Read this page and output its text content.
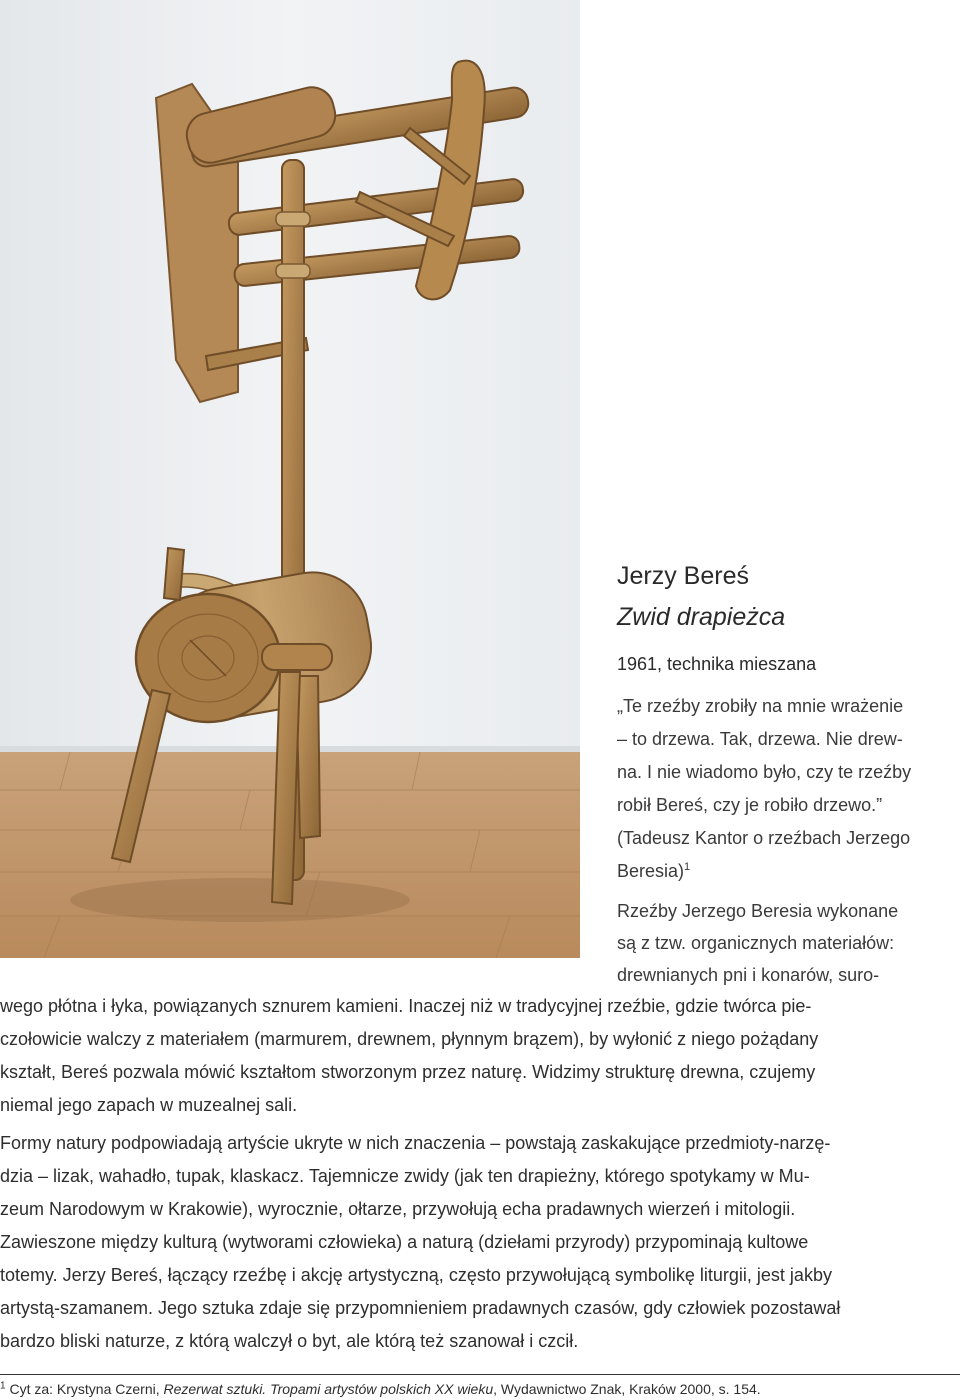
Jerzy Bereś
Zwid drapieżca
1961, technika mieszana
„Te rzeźby zrobiły na mnie wrażenie
– to drzewa. Tak, drzewa. Nie drew-
na. I nie wiadomo było, czy te rzeźby
robił Bereś, czy je robiło drzewo.”
(Tadeusz Kantor o rzeźbach Jerzego
Beresia)$^1$
Rzeźby Jerzego Beresia wykonane
są z tzw. organicznych materiałów:
drewnianych pni i konarów, suro-
wego płótna i łyka, powiązanych sznurem kamieni. Inaczej niż w tradycyjnej rzeźbie, gdzie twórca pie-
czołowicie walczy z materiałem (marmurem, drewnem, płynnym brązem), by wyłonić z niego pożądany
kształt, Bereś pozwala mówić kształtom stworzonym przez naturę. Widzimy strukturę drewna, czujemy
niemal jego zapach w muzealnej sali.
Formy natury podpowiadają artyście ukryte w nich znaczenia – powstają zaskakujące przedmioty-narzę-
dzia – lizak, wahadło, tupak, klaskacz. Tajemnicze zwidy (jak ten drapieżny, którego spotykamy w Mu-
zeum Narodowym w Krakowie), wyrocznie, ołtarze, przywołują echa pradawnych wierzeń i mitologii.
Zawieszone między kulturą (wytworami człowieka) a naturą (dziełami przyrody) przypominają kultowe
totemy. Jerzy Bereś, łączący rzeźbę i akcję artystyczną, często przywołującą symbolikę liturgii, jest jakby
artystą-szamanem. Jego sztuka zdaje się przypomnieniem pradawnych czasów, gdy człowiek pozostawał
bardzo bliski naturze, z którą walczył o byt, ale którą też szanował i czcił.
$^1$ Cyt za: Krystyna Czerni, Rezerwat sztuki. Tropami artystów polskich XX wieku, Wydawnictwo Znak, Kraków 2000, s. 154.
